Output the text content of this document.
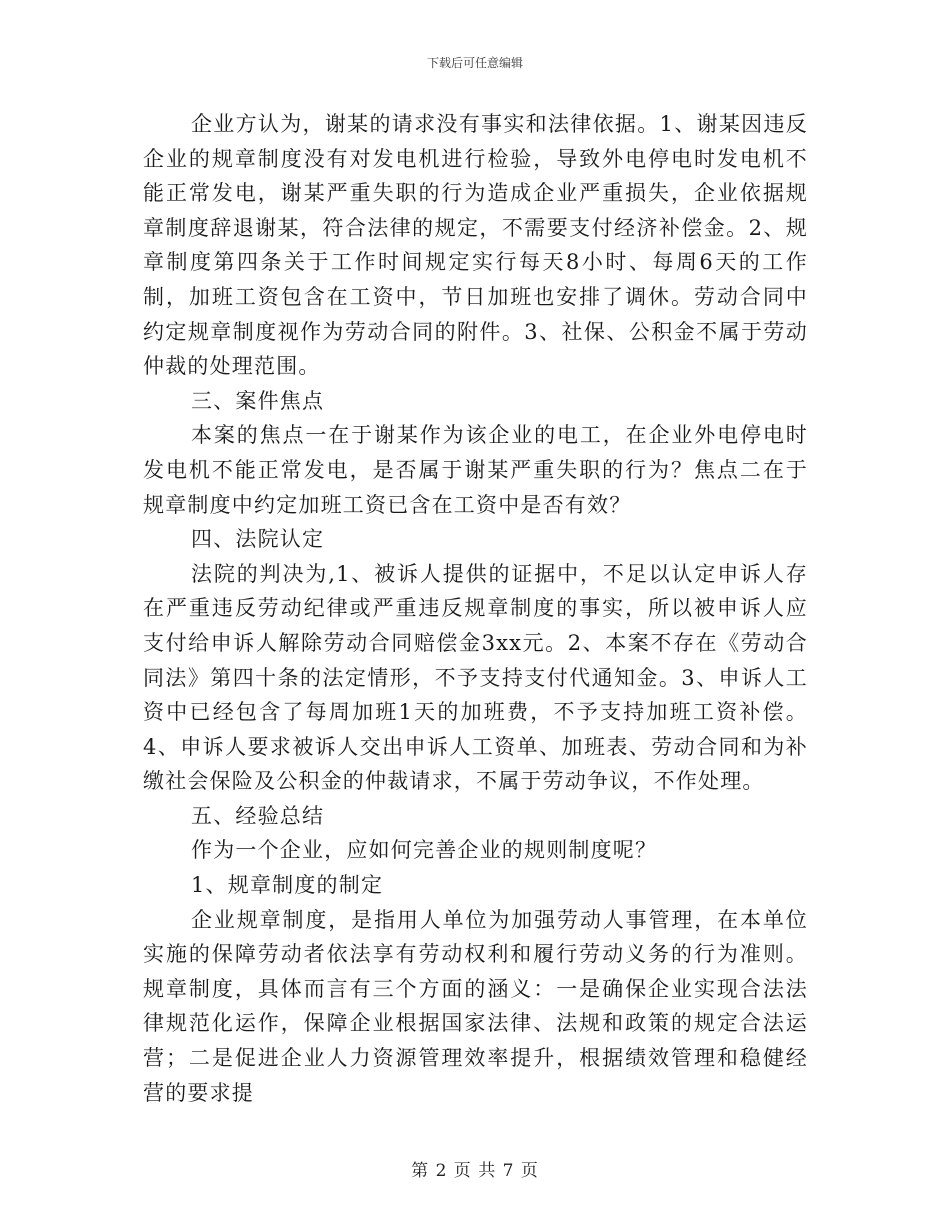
下载后可任意编辑

企业方认为，谢某的请求没有事实和法律依据。1、谢某因违反企业的规章制度没有对发电机进行检验，导致外电停电时发电机不能正常发电，谢某严重失职的行为造成企业严重损失，企业依据规章制度辞退谢某，符合法律的规定，不需要支付经济补偿金。2、规章制度第四条关于工作时间规定实行每天8小时、每周6天的工作制，加班工资包含在工资中，节日加班也安排了调休。劳动合同中约定规章制度视作为劳动合同的附件。3、社保、公积金不属于劳动仲裁的处理范围。

三、案件焦点

本案的焦点一在于谢某作为该企业的电工，在企业外电停电时发电机不能正常发电，是否属于谢某严重失职的行为？焦点二在于规章制度中约定加班工资已含在工资中是否有效？

四、法院认定

法院的判决为,1、被诉人提供的证据中，不足以认定申诉人存在严重违反劳动纪律或严重违反规章制度的事实，所以被申诉人应支付给申诉人解除劳动合同赔偿金3xx元。2、本案不存在《劳动合同法》第四十条的法定情形，不予支持支付代通知金。3、申诉人工资中已经包含了每周加班1天的加班费，不予支持加班工资补偿。4、申诉人要求被诉人交出申诉人工资单、加班表、劳动合同和为补缴社会保险及公积金的仲裁请求，不属于劳动争议，不作处理。

五、经验总结

作为一个企业，应如何完善企业的规则制度呢？

1、规章制度的制定

企业规章制度，是指用人单位为加强劳动人事管理，在本单位实施的保障劳动者依法享有劳动权利和履行劳动义务的行为准则。规章制度，具体而言有三个方面的涵义：一是确保企业实现合法法律规范化运作，保障企业根据国家法律、法规和政策的规定合法运营；二是促进企业人力资源管理效率提升，根据绩效管理和稳健经营的要求提

第 2 页 共 7 页
